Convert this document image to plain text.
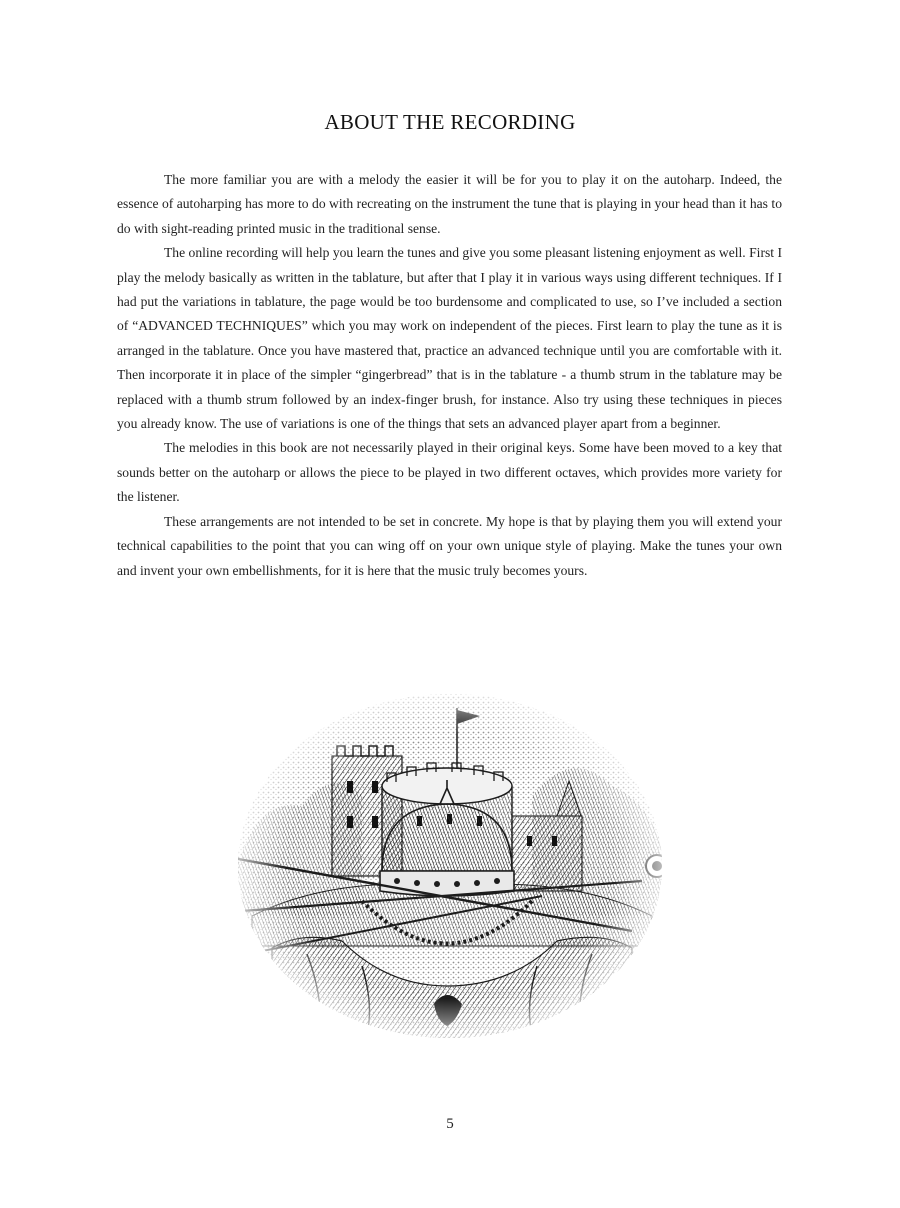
ABOUT THE RECORDING

The more familiar you are with a melody the easier it will be for you to play it on the autoharp. Indeed, the essence of autoharping has more to do with recreating on the instrument the tune that is playing in your head than it has to do with sight-reading printed music in the traditional sense.

The online recording will help you learn the tunes and give you some pleasant listening enjoyment as well. First I play the melody basically as written in the tablature, but after that I play it in various ways using different techniques. If I had put the variations in tablature, the page would be too burdensome and complicated to use, so I’ve included a section of “ADVANCED TECHNIQUES” which you may work on independent of the pieces. First learn to play the tune as it is arranged in the tablature. Once you have mastered that, practice an advanced technique until you are comfortable with it. Then incorporate it in place of the simpler “gingerbread” that is in the tablature - a thumb strum in the tablature may be replaced with a thumb strum followed by an index-finger brush, for instance. Also try using these techniques in pieces you already know. The use of variations is one of the things that sets an advanced player apart from a beginner.

The melodies in this book are not necessarily played in their original keys. Some have been moved to a key that sounds better on the autoharp or allows the piece to be played in two different octaves, which provides more variety for the listener.

These arrangements are not intended to be set in concrete. My hope is that by playing them you will extend your technical capabilities to the point that you can wing off on your own unique style of playing. Make the tunes your own and invent your own embellishments, for it is here that the music truly becomes yours.

5
